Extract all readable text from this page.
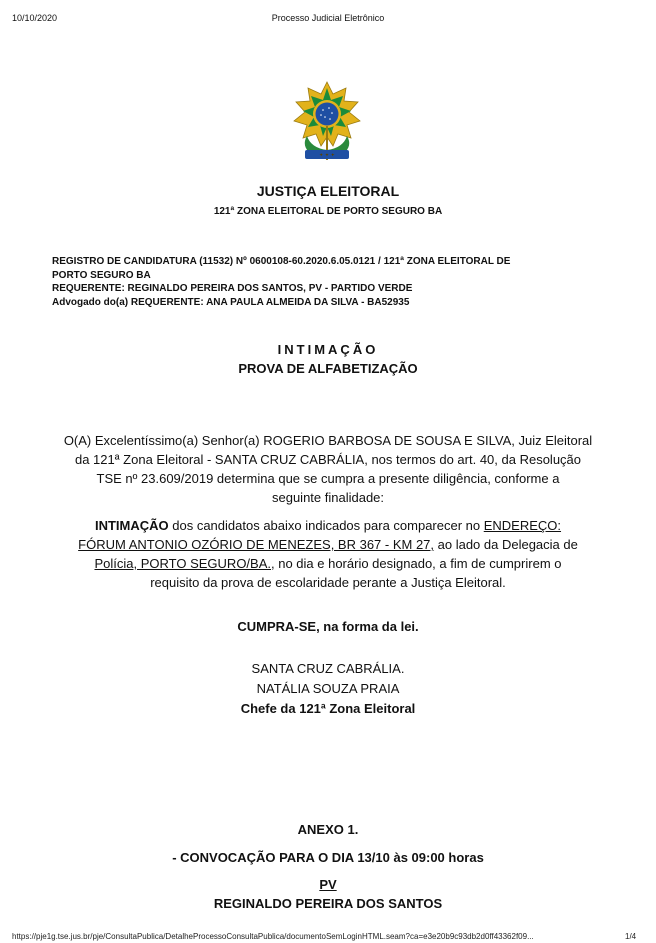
10/10/2020	Processo Judicial Eletrônico
✦ ✦ ✦
JUSTIÇA ELEITORAL
121ª ZONA ELEITORAL DE PORTO SEGURO BA
REGISTRO DE CANDIDATURA (11532) Nº 0600108-60.2020.6.05.0121 / 121ª ZONA ELEITORAL DE
PORTO SEGURO BA
REQUERENTE: REGINALDO PEREIRA DOS SANTOS, PV - PARTIDO VERDE
Advogado do(a) REQUERENTE: ANA PAULA ALMEIDA DA SILVA - BA52935
INTIMAÇÃO
PROVA DE ALFABETIZAÇÃO
O(A) Excelentíssimo(a) Senhor(a) ROGERIO BARBOSA DE SOUSA E SILVA, Juiz Eleitoral
da 121ª Zona Eleitoral - SANTA CRUZ CABRÁLIA, nos termos do art. 40, da Resolução
TSE nº 23.609/2019 determina que se cumpra a presente diligência, conforme a
seguinte finalidade:
INTIMAÇÃO dos candidatos abaixo indicados para comparecer no ENDEREÇO:
FÓRUM ANTONIO OZÓRIO DE MENEZES, BR 367 - KM 27, ao lado da Delegacia de
Polícia, PORTO SEGURO/BA., no dia e horário designado, a fim de cumprirem o
requisito da prova de escolaridade perante a Justiça Eleitoral.
CUMPRA-SE, na forma da lei.
SANTA CRUZ CABRÁLIA.
NATÁLIA SOUZA PRAIA
Chefe da 121ª Zona Eleitoral
ANEXO 1.
- CONVOCAÇÃO PARA O DIA 13/10 às 09:00 horas
PV
REGINALDO PEREIRA DOS SANTOS
https://pje1g.tse.jus.br/pje/ConsultaPublica/DetalheProcessoConsultaPublica/documentoSemLoginHTML.seam?ca=e3e20b9c93db2d0ff43362f09...	1/4
